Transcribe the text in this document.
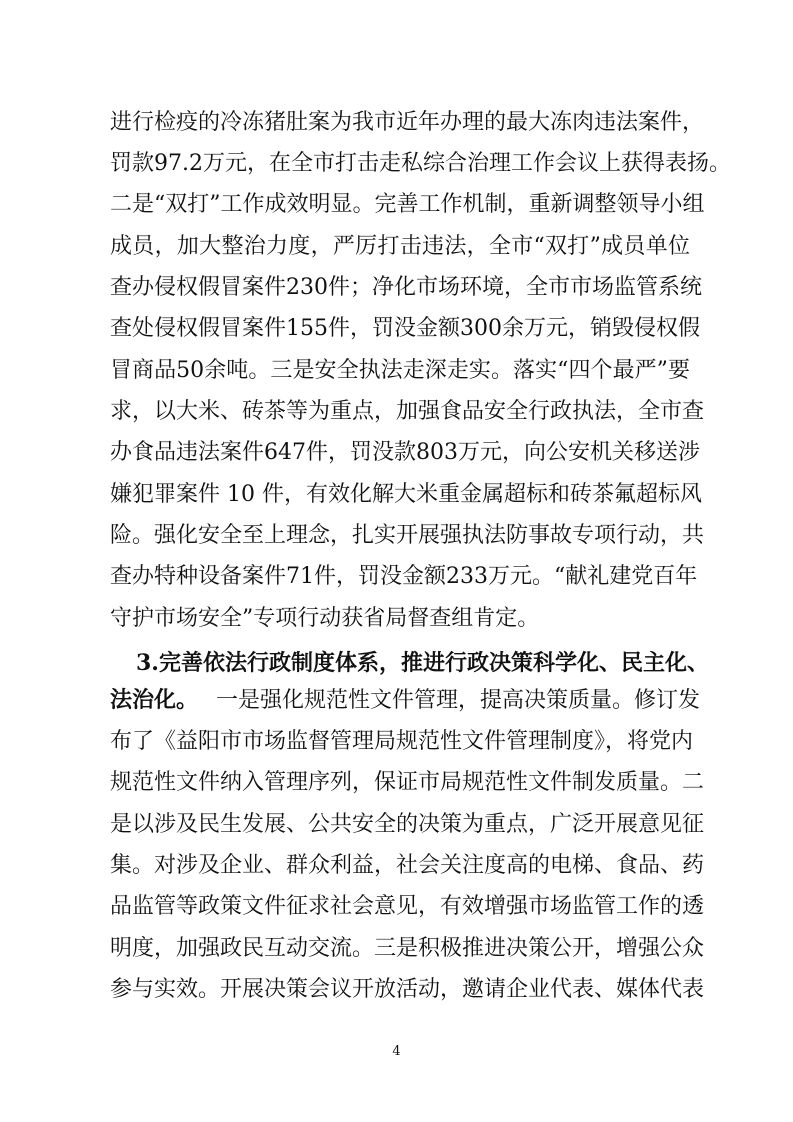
进行检疫的冷冻猪肚案为我市近年办理的最大冻肉违法案件，
罚款97.2万元，在全市打击走私综合治理工作会议上获得表扬。
二是“双打”工作成效明显。完善工作机制，重新调整领导小组
成员，加大整治力度，严厉打击违法，全市“双打”成员单位
查办侵权假冒案件230件；净化市场环境，全市市场监管系统
查处侵权假冒案件155件，罚没金额300余万元，销毁侵权假
冒商品50余吨。三是安全执法走深走实。落实“四个最严”要
求，以大米、砖茶等为重点，加强食品安全行政执法，全市查
办食品违法案件647件，罚没款803万元，向公安机关移送涉
嫌犯罪案件 10 件，有效化解大米重金属超标和砖茶氟超标风
险。强化安全至上理念，扎实开展强执法防事故专项行动，共
查办特种设备案件71件，罚没金额233万元。“献礼建党百年
守护市场安全”专项行动获省局督查组肯定。
3.完善依法行政制度体系，推进行政决策科学化、民主化、
法治化。 一是强化规范性文件管理，提高决策质量。修订发
布了《益阳市市场监督管理局规范性文件管理制度》，将党内
规范性文件纳入管理序列，保证市局规范性文件制发质量。二
是以涉及民生发展、公共安全的决策为重点，广泛开展意见征
集。对涉及企业、群众利益，社会关注度高的电梯、食品、药
品监管等政策文件征求社会意见，有效增强市场监管工作的透
明度，加强政民互动交流。三是积极推进决策公开，增强公众
参与实效。开展决策会议开放活动，邀请企业代表、媒体代表
4
